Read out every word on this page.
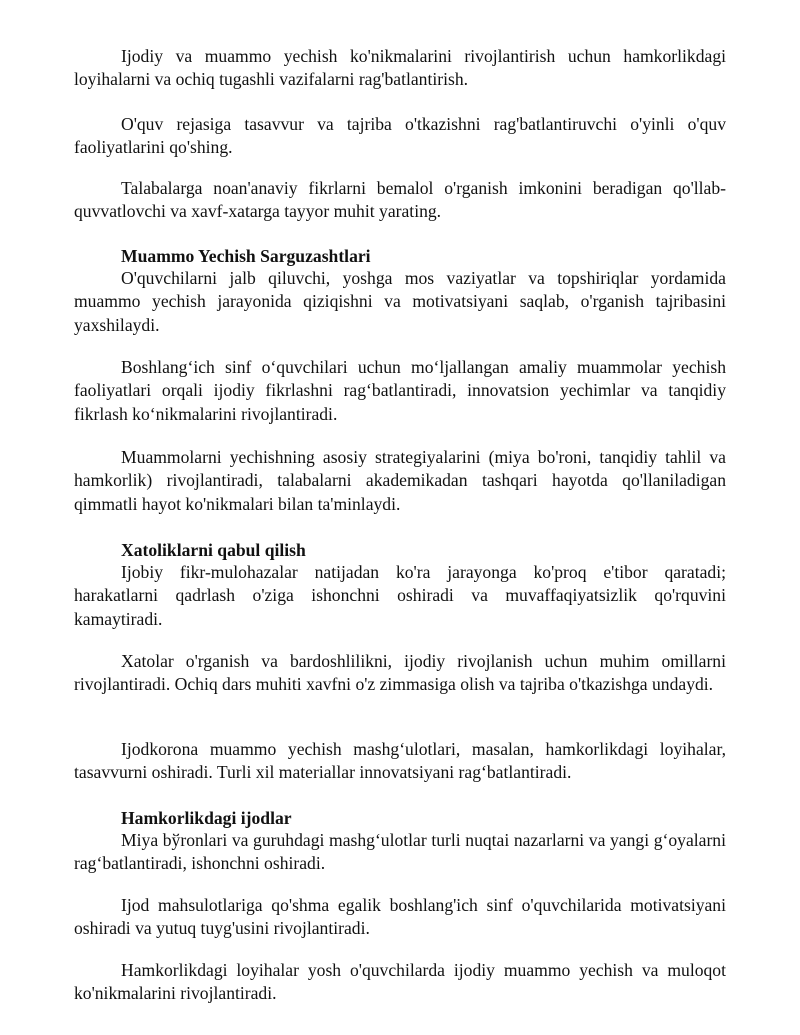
Ijodiy va muammo yechish ko'nikmalarini rivojlantirish uchun hamkorlikdagi loyihalarni va ochiq tugashli vazifalarni rag'batlantirish.

O'quv rejasiga tasavvur va tajriba o'tkazishni rag'batlantiruvchi o'yinli o'quv faoliyatlarini qo'shing.

Talabalarga noan'anaviy fikrlarni bemalol o'rganish imkonini beradigan qo'llab-quvvatlovchi va xavf-xatarga tayyor muhit yarating.

Muammo Yechish Sarguzashtlari

O'quvchilarni jalb qiluvchi, yoshga mos vaziyatlar va topshiriqlar yordamida muammo yechish jarayonida qiziqishni va motivatsiyani saqlab, o'rganish tajribasini yaxshilaydi.

Boshlang‘ich sinf o‘quvchilari uchun mo‘ljallangan amaliy muammolar yechish faoliyatlari orqali ijodiy fikrlashni rag‘batlantiradi, innovatsion yechimlar va tanqidiy fikrlash ko‘nikmalarini rivojlantiradi.

Muammolarni yechishning asosiy strategiyalarini (miya bo'roni, tanqidiy tahlil va hamkorlik) rivojlantiradi, talabalarni akademikadan tashqari hayotda qo'llaniladigan qimmatli hayot ko'nikmalari bilan ta'minlaydi.

Xatoliklarni qabul qilish

Ijobiy fikr-mulohazalar natijadan ko'ra jarayonga ko'proq e'tibor qaratadi; harakatlarni qadrlash o'ziga ishonchni oshiradi va muvaffaqiyatsizlik qo'rquvini kamaytiradi.

Xatolar o'rganish va bardoshlilikni, ijodiy rivojlanish uchun muhim omillarni rivojlantiradi. Ochiq dars muhiti xavfni o'z zimmasiga olish va tajriba o'tkazishga undaydi.

Ijodkorona muammo yechish mashg‘ulotlari, masalan, hamkorlikdagi loyihalar, tasavvurni oshiradi. Turli xil materiallar innovatsiyani rag‘batlantiradi.

Hamkorlikdagi ijodlar

Miya bўronlari va guruhdagi mashg‘ulotlar turli nuqtai nazarlarni va yangi g‘oyalarni rag‘batlantiradi, ishonchni oshiradi.

Ijod mahsulotlariga qo'shma egalik boshlang'ich sinf o'quvchilarida motivatsiyani oshiradi va yutuq tuyg'usini rivojlantiradi.

Hamkorlikdagi loyihalar yosh o'quvchilarda ijodiy muammo yechish va muloqot ko'nikmalarini rivojlantiradi.
